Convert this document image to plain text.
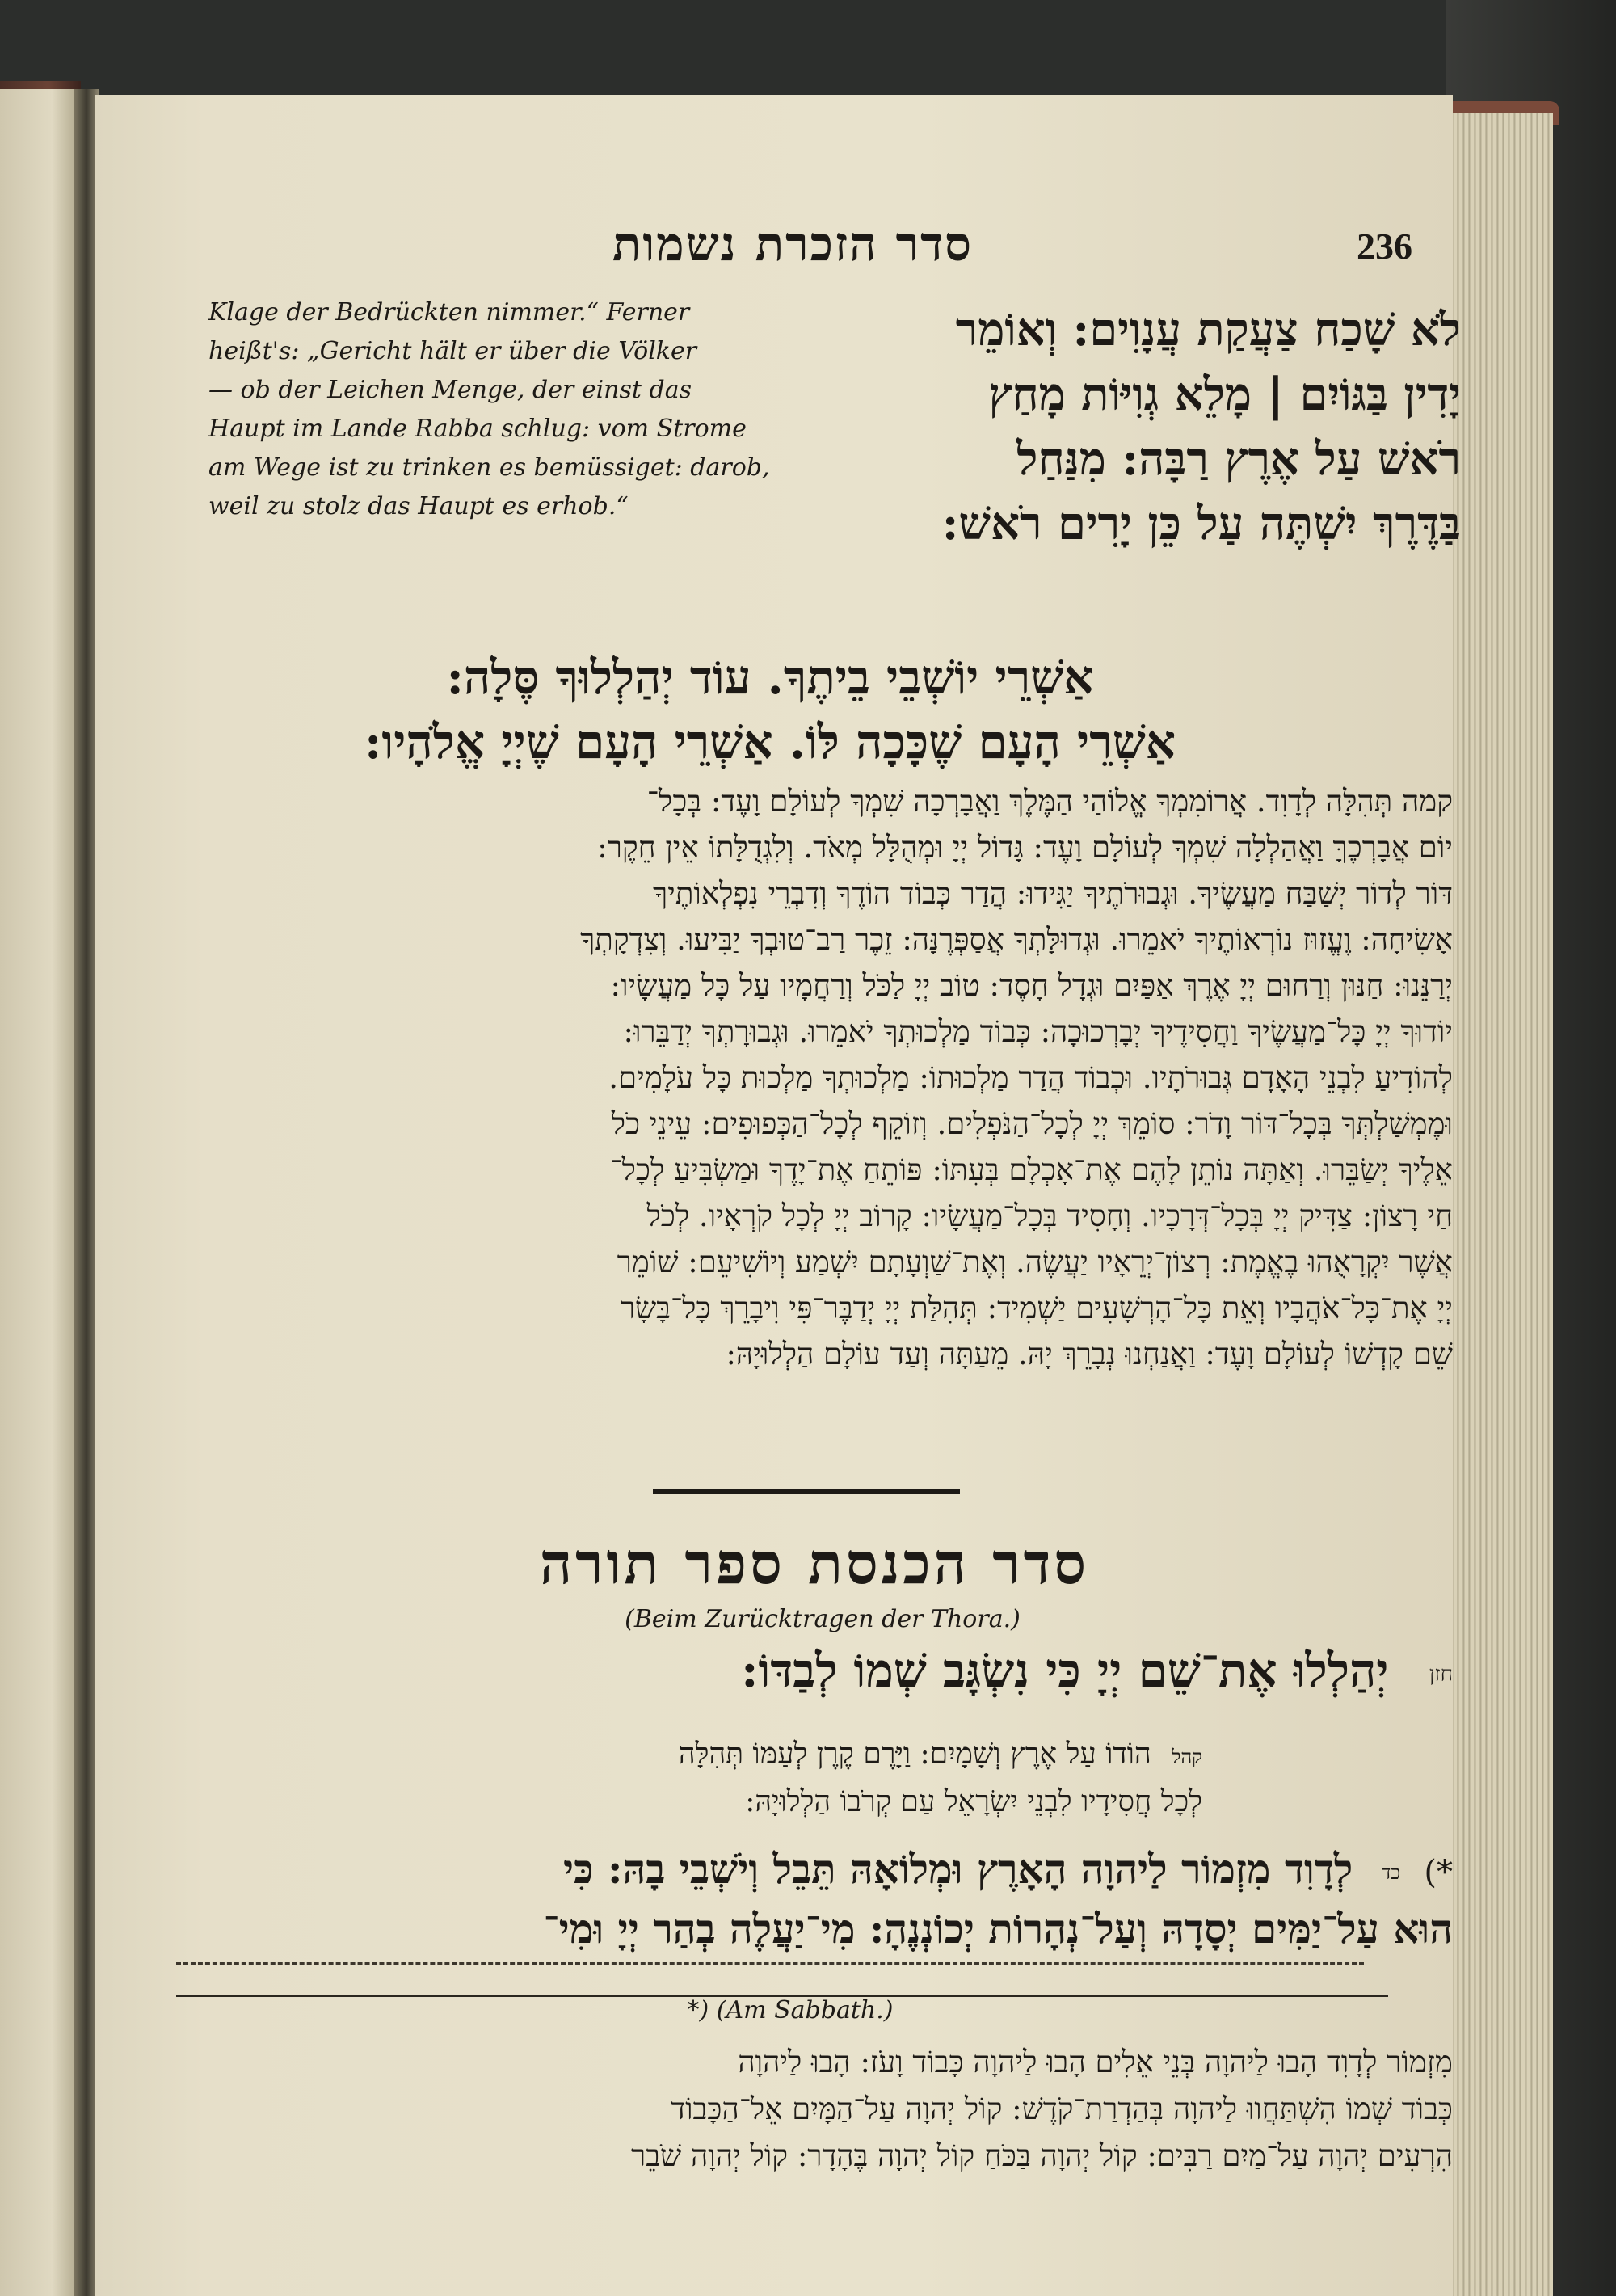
סדר הזכרת נשמות	236
Klage der Bedrückten nimmer.“ Ferner
heißt's: „Gericht hält er über die Völker
— ob der Leichen Menge, der einst das
Haupt im Lande Rabba schlug: vom Strome
am Wege ist zu trinken es bemüssiget: darob,
weil zu stolz das Haupt es erhob.“
לֹא שָׁכַח צַעֲקַת עֲנָוִים: וְאוֹמֵר
יָדִין בַּגּוֹיִם | מָלֵא גְוִיּוֹת מָחַץ
רֹאשׁ עַל אֶרֶץ רַבָּה: מִנַּחַל
בַּדֶּרֶךְ יִשְׁתֶּה עַל כֵּן יָרִים רֹאשׁ:
אַשְׁרֵי יוֹשְׁבֵי בֵיתֶךָ. עוֹד יְהַלְלוּךָ סֶּלָה:
אַשְׁרֵי הָעָם שֶׁכָּכָה לּוֹ. אַשְׁרֵי הָעָם שֶׁיְיָ אֱלֹהָיו:
קמה תְּהִלָּה לְדָוִד. אֲרוֹמִמְךָ אֱלוֹהַי הַמֶּלֶךְ וַאֲבָרְכָה שִׁמְךָ לְעוֹלָם וָעֶד: בְּכָל־
יוֹם אֲבָרְכֶךָּ וַאֲהַלְלָה שִׁמְךָ לְעוֹלָם וָעֶד: גָּדוֹל יְיָ וּמְהֻלָּל מְאֹד. וְלִגְדֻלָּתוֹ אֵין חֵקֶר:
דּוֹר לְדוֹר יְשַׁבַּח מַעֲשֶׂיךָ. וּגְבוּרֹתֶיךָ יַגִּידוּ: הֲדַר כְּבוֹד הוֹדֶךָ וְדִבְרֵי נִפְלְאוֹתֶיךָ
אָשִׂיחָה: וֶעֱזוּז נוֹרְאוֹתֶיךָ יֹאמֵרוּ. וּגְדוּלָּתְךָ אֲסַפְּרֶנָּה: זֵכֶר רַב־טוּבְךָ יַבִּיעוּ. וְצִדְקָתְךָ
יְרַנֵּנוּ: חַנּוּן וְרַחוּם יְיָ אֶרֶךְ אַפַּיִם וּגְדָל חָסֶד: טוֹב יְיָ לַכֹּל וְרַחֲמָיו עַל כָּל מַעֲשָׂיו:
יוֹדוּךָ יְיָ כָּל־מַעֲשֶׂיךָ וַחֲסִידֶיךָ יְבָרְכוּכָה: כְּבוֹד מַלְכוּתְךָ יֹאמֵרוּ. וּגְבוּרָתְךָ יְדַבֵּרוּ:
לְהוֹדִיעַ לִבְנֵי הָאָדָם גְּבוּרֹתָיו. וּכְבוֹד הֲדַר מַלְכוּתוֹ: מַלְכוּתְךָ מַלְכוּת כָּל עֹלָמִים.
וּמֶמְשַׁלְתְּךָ בְּכָל־דּוֹר וָדֹר: סוֹמֵךְ יְיָ לְכָל־הַנֹּפְלִים. וְזוֹקֵף לְכָל־הַכְּפוּפִים: עֵינֵי כֹל
אֵלֶיךָ יְשַׂבֵּרוּ. וְאַתָּה נוֹתֵן לָהֶם אֶת־אָכְלָם בְּעִתּוֹ: פּוֹתֵחַ אֶת־יָדֶךָ וּמַשְׂבִּיעַ לְכָל־
חַי רָצוֹן: צַדִּיק יְיָ בְּכָל־דְּרָכָיו. וְחָסִיד בְּכָל־מַעֲשָׂיו: קָרוֹב יְיָ לְכָל קֹרְאָיו. לְכֹל
אֲשֶׁר יִקְרָאֻהוּ בֶאֱמֶת: רְצוֹן־יְרֵאָיו יַעֲשֶׂה. וְאֶת־שַׁוְעָתָם יִשְׁמַע וְיוֹשִׁיעֵם: שׁוֹמֵר
יְיָ אֶת־כָּל־אֹהֲבָיו וְאֵת כָּל־הָרְשָׁעִים יַשְׁמִיד: תְּהִלַּת יְיָ יְדַבֶּר־פִּי וִיבָרֵךְ כָּל־בָּשָׂר
שֵׁם קָדְשׁוֹ לְעוֹלָם וָעֶד: וַאֲנַחְנוּ נְבָרֵךְ יָהּ. מֵעַתָּה וְעַד עוֹלָם הַלְלוּיָהּ:
סדר הכנסת ספר תורה
(Beim Zurücktragen der Thora.)
חזן יְהַלְלוּ אֶת־שֵׁם יְיָ כִּי נִשְׂגָּב שְׁמוֹ לְבַדּוֹ:
קהל הוֹדוֹ עַל אֶרֶץ וְשָׁמָיִם: וַיָּרֶם קֶרֶן לְעַמּוֹ תְּהִלָּה
לְכָל חֲסִידָיו לִבְנֵי יִשְׂרָאֵל עַם קְרֹבוֹ הַלְלוּיָהּ:
*) כד לְדָוִד מִזְמוֹר לַיהוָה הָאָרֶץ וּמְלוֹאָהּ תֵּבֵל וְיֹשְׁבֵי בָהּ: כִּי
הוּא עַל־יַמִּים יְסָדָהּ וְעַל־נְהָרוֹת יְכוֹנְנֶהָ: מִי־יַעֲלֶה בְהַר יְיָ וּמִי־
*) (Am Sabbath.)
מִזְמוֹר לְדָוִד הָבוּ לַיהוָה בְּנֵי אֵלִים הָבוּ לַיהוָה כָּבוֹד וָעֹז: הָבוּ לַיהוָה
כְּבוֹד שְׁמוֹ הִשְׁתַּחֲווּ לַיהוָה בְּהַדְרַת־קֹדֶשׁ: קוֹל יְהוָה עַל־הַמָּיִם אֵל־הַכָּבוֹד
הִרְעִים יְהוָה עַל־מַיִם רַבִּים: קוֹל יְהוָה בַּכֹּחַ קוֹל יְהוָה בֶּהָדָר: קוֹל יְהוָה שֹׁבֵר
